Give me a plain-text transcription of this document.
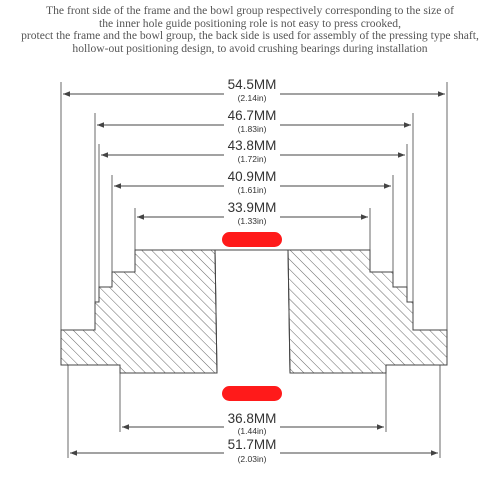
The front side of the frame and the bowl group respectively corresponding to the size of
the inner hole guide positioning role is not easy to press crooked,
protect the frame and the bowl group, the back side is used for assembly of the pressing type shaft,
hollow-out positioning design, to avoid crushing bearings during installation
54.5MM
(2.14in)
46.7MM
(1.83in)
43.8MM
(1.72in)
40.9MM
(1.61in)
33.9MM
(1.33in)
36.8MM
(1.44in)
51.7MM
(2.03in)
